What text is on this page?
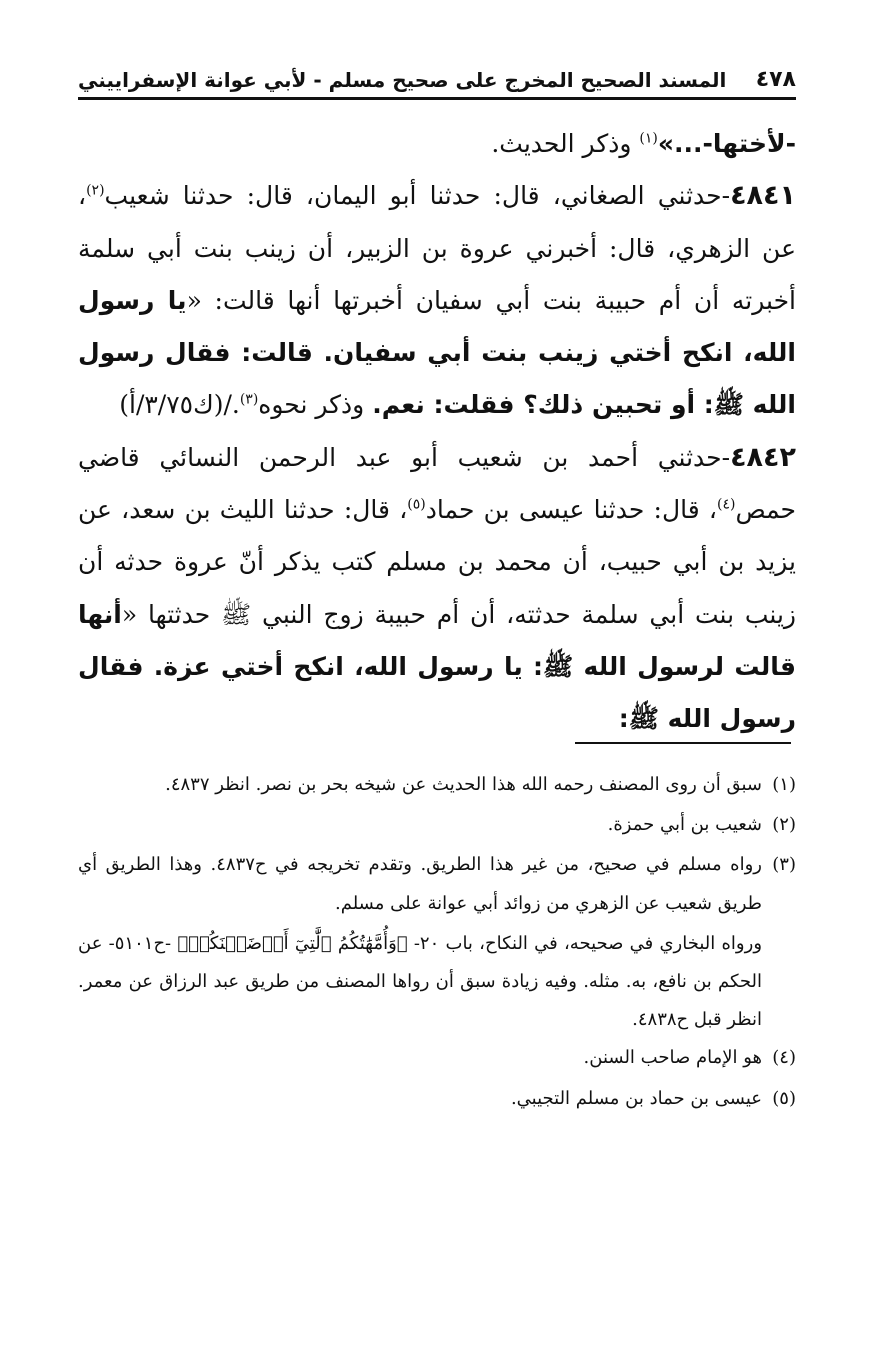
٤٧٨
المسند الصحيح المخرج على صحيح مسلم - لأبي عوانة الإسفراييني

-لأختها-...»$^{(١)}$ وذكر الحديث.

٤٨٤١-حدثني الصغاني، قال: حدثنا أبو اليمان، قال: حدثنا شعيب$^{(٢)}$، عن الزهري، قال: أخبرني عروة بن الزبير، أن زينب بنت أبي سلمة أخبرته أن أم حبيبة بنت أبي سفيان أخبرتها أنها قالت: «يا رسول الله، انكح أختي زينب بنت أبي سفيان. قالت: فقال رسول الله ﷺ: أو تحبين ذلك؟ فقلت: نعم. وذكر نحوه$^{(٣)}$./(ك٣/٧٥/أ)

٤٨٤٢-حدثني أحمد بن شعيب أبو عبد الرحمن النسائي قاضي حمص$^{(٤)}$، قال: حدثنا عيسى بن حماد$^{(٥)}$، قال: حدثنا الليث بن سعد، عن يزيد بن أبي حبيب، أن محمد بن مسلم كتب يذكر أنّ عروة حدثه أن زينب بنت أبي سلمة حدثته، أن أم حبيبة زوج النبي ﷺ حدثتها «أنها قالت لرسول الله ﷺ: يا رسول الله، انكح أختي عزة. فقال رسول الله ﷺ:

(١)سبق أن روى المصنف رحمه الله هذا الحديث عن شيخه بحر بن نصر. انظر ٤٨٣٧.

(٢)شعيب بن أبي حمزة.

(٣)رواه مسلم في صحيح، من غير هذا الطريق. وتقدم تخريجه في ح٤٨٣٧. وهذا الطريق أي طريق شعيب عن الزهري من زوائد أبي عوانة على مسلم.

ورواه البخاري في صحيحه، في النكاح، باب ٢٠- ﴿وَأُمَّهَٰتُكُمُ ٱلَّٰتِيٓ أَرۡضَعۡنَكُمۡ﴾ -ح٥١٠١- عن الحكم بن نافع، به. مثله. وفيه زيادة سبق أن رواها المصنف من طريق عبد الرزاق عن معمر. انظر قبل ح٤٨٣٨.

(٤)هو الإمام صاحب السنن.

(٥)عيسى بن حماد بن مسلم التجيبي.
